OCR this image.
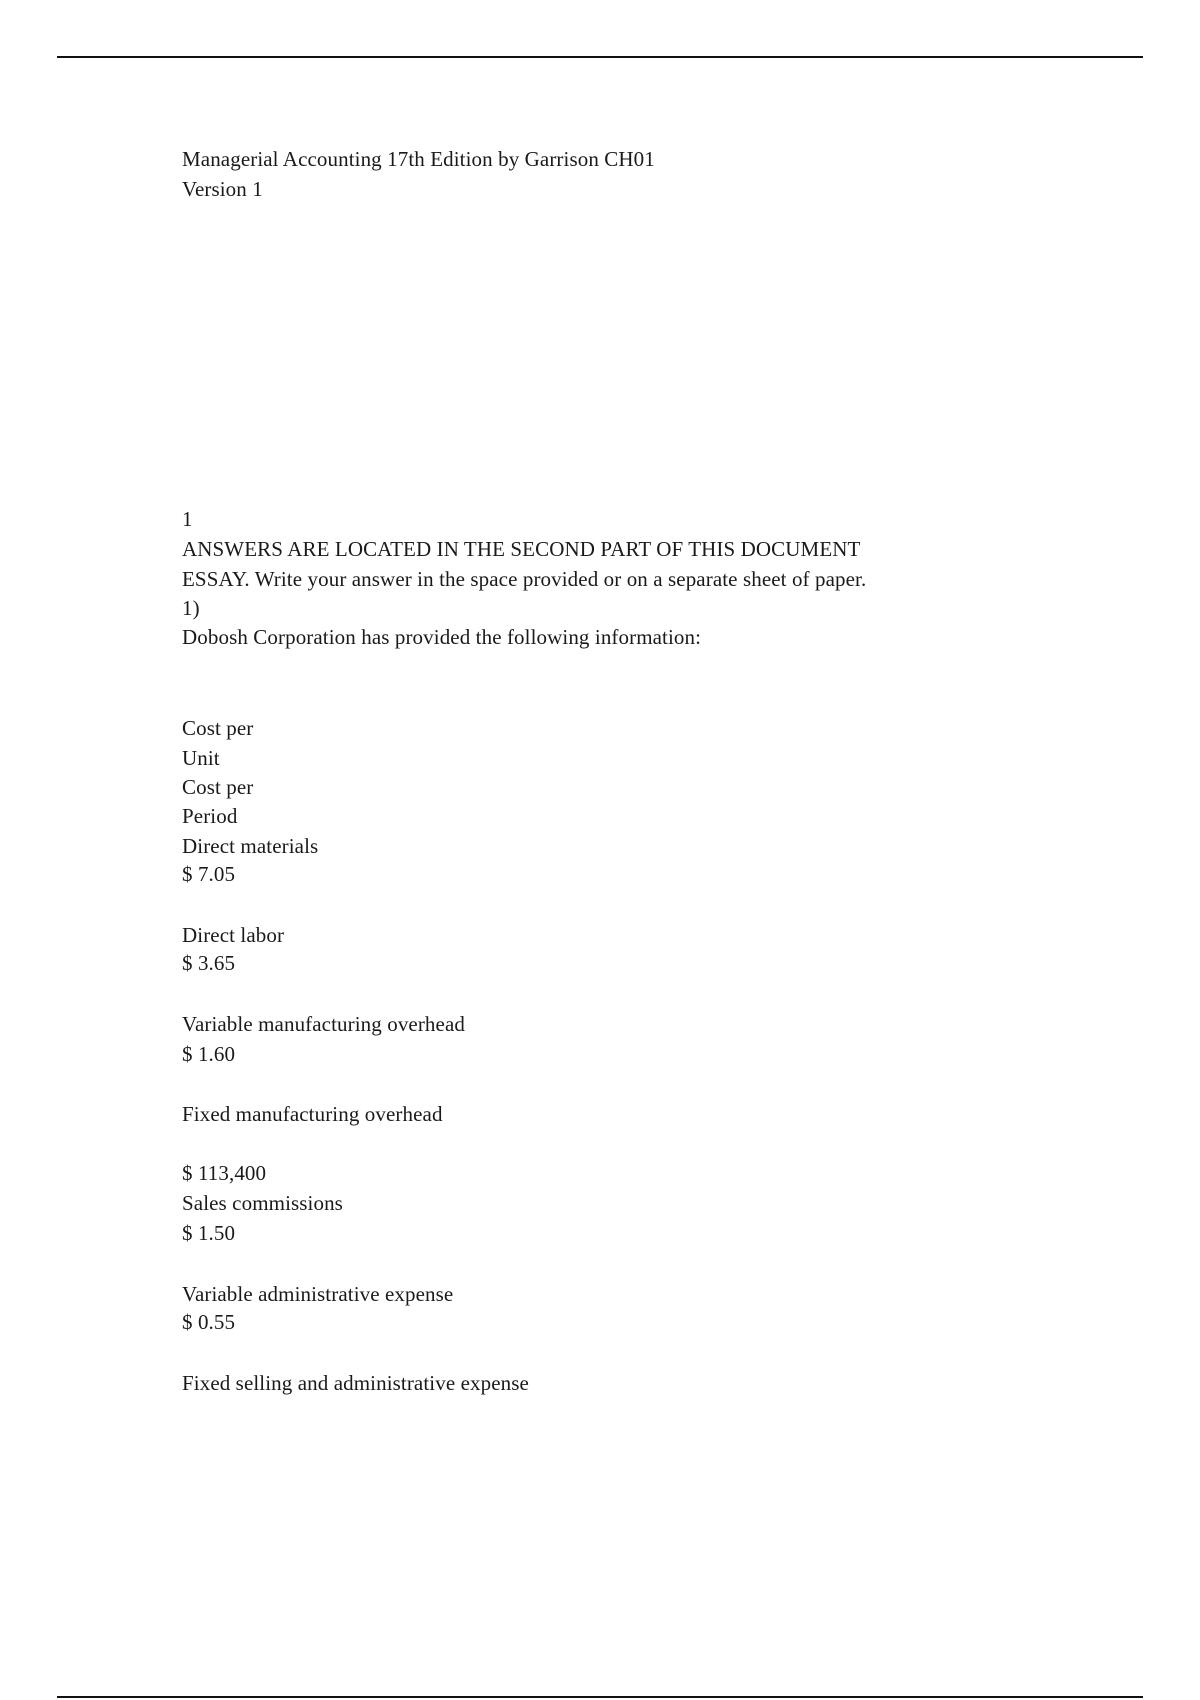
Managerial Accounting 17th Edition by Garrison CH01
Version 1
1
ANSWERS ARE LOCATED IN THE SECOND PART OF THIS DOCUMENT
ESSAY. Write your answer in the space provided or on a separate sheet of paper.
1)
Dobosh Corporation has provided the following information:
Cost per
Unit
Cost per
Period
Direct materials
$ 7.05
Direct labor
$ 3.65
Variable manufacturing overhead
$ 1.60
Fixed manufacturing overhead
$ 113,400
Sales commissions
$ 1.50
Variable administrative expense
$ 0.55
Fixed selling and administrative expense
